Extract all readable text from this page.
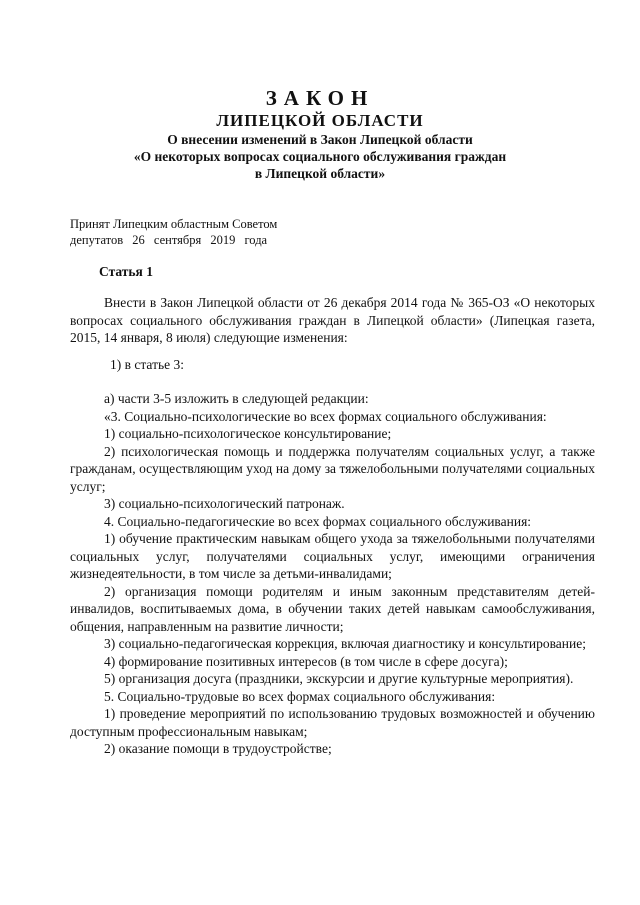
ЗАКОН
ЛИПЕЦКОЙ ОБЛАСТИ
О внесении изменений в Закон Липецкой области
«О некоторых вопросах социального обслуживания граждан
в Липецкой области»
Принят Липецким областным Советом
депутатов 26 сентября 2019 года
Статья 1

Внести в Закон Липецкой области от 26 декабря 2014 года № 365-ОЗ «О некоторых вопросах социального обслуживания граждан в Липецкой области» (Липецкая газета, 2015, 14 января, 8 июля) следующие изменения:

1) в статье 3:

а) части 3-5 изложить в следующей редакции:

«3. Социально-психологические во всех формах социального обслуживания:

1) социально-психологическое консультирование;

2) психологическая помощь и поддержка получателям социальных услуг, а также гражданам, осуществляющим уход на дому за тяжелобольными получателями социальных услуг;

3) социально-психологический патронаж.

4. Социально-педагогические во всех формах социального обслуживания:

1) обучение практическим навыкам общего ухода за тяжелобольными получателями социальных услуг, получателями социальных услуг, имеющими ограничения жизнедеятельности, в том числе за детьми-инвалидами;

2) организация помощи родителям и иным законным представителям детей-инвалидов, воспитываемых дома, в обучении таких детей навыкам самообслуживания, общения, направленным на развитие личности;

3) социально-педагогическая коррекция, включая диагностику и консультирование;

4) формирование позитивных интересов (в том числе в сфере досуга);

5) организация досуга (праздники, экскурсии и другие культурные мероприятия).

5. Социально-трудовые во всех формах социального обслуживания:

1) проведение мероприятий по использованию трудовых возможностей и обучению доступным профессиональным навыкам;

2) оказание помощи в трудоустройстве;
